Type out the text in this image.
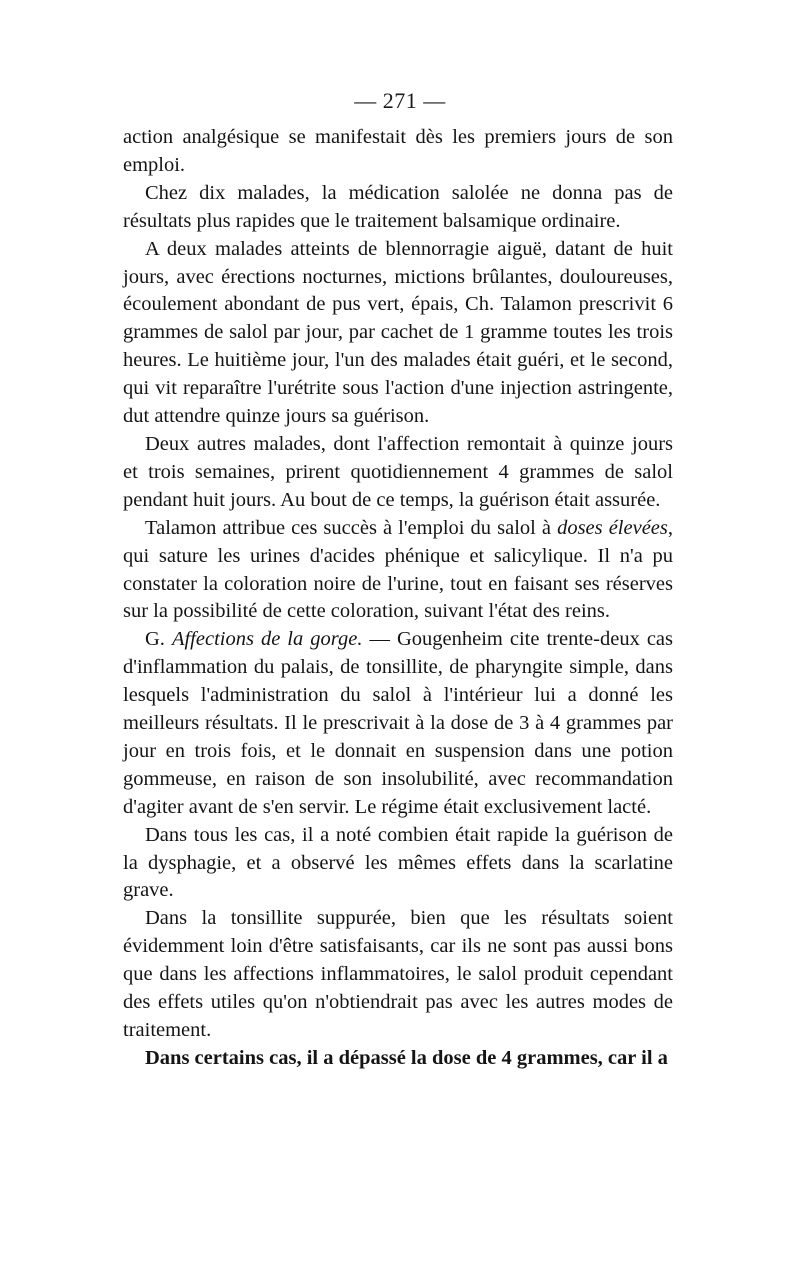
— 271 —

action analgésique se manifestait dès les premiers jours de son emploi.

Chez dix malades, la médication salolée ne donna pas de résultats plus rapides que le traitement balsamique ordinaire.

A deux malades atteints de blennorragie aiguë, datant de huit jours, avec érections nocturnes, mictions brûlantes, douloureuses, écoulement abondant de pus vert, épais, Ch. Talamon prescrivit 6 grammes de salol par jour, par cachet de 1 gramme toutes les trois heures. Le huitième jour, l'un des malades était guéri, et le second, qui vit reparaître l'urétrite sous l'action d'une injection astringente, dut attendre quinze jours sa guérison.

Deux autres malades, dont l'affection remontait à quinze jours et trois semaines, prirent quotidiennement 4 grammes de salol pendant huit jours. Au bout de ce temps, la guérison était assurée.

Talamon attribue ces succès à l'emploi du salol à doses élevées, qui sature les urines d'acides phénique et salicylique. Il n'a pu constater la coloration noire de l'urine, tout en faisant ses réserves sur la possibilité de cette coloration, suivant l'état des reins.

G. Affections de la gorge. — Gougenheim cite trente-deux cas d'inflammation du palais, de tonsillite, de pharyngite simple, dans lesquels l'administration du salol à l'intérieur lui a donné les meilleurs résultats. Il le prescrivait à la dose de 3 à 4 grammes par jour en trois fois, et le donnait en suspension dans une potion gommeuse, en raison de son insolubilité, avec recommandation d'agiter avant de s'en servir. Le régime était exclusivement lacté.

Dans tous les cas, il a noté combien était rapide la guérison de la dysphagie, et a observé les mêmes effets dans la scarlatine grave.

Dans la tonsillite suppurée, bien que les résultats soient évidemment loin d'être satisfaisants, car ils ne sont pas aussi bons que dans les affections inflammatoires, le salol produit cependant des effets utiles qu'on n'obtiendrait pas avec les autres modes de traitement.

Dans certains cas, il a dépassé la dose de 4 grammes, car il a
